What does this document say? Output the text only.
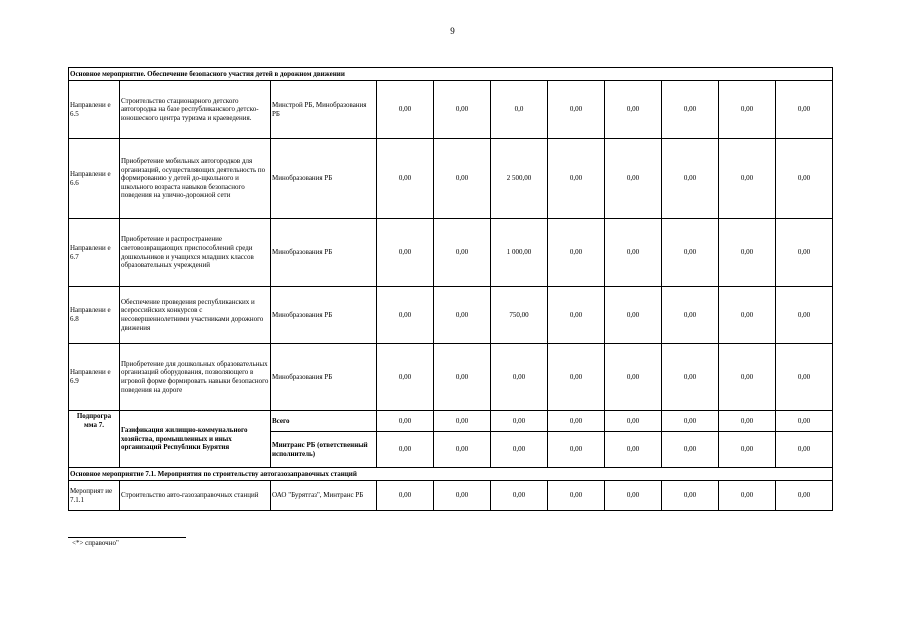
9
Основное мероприятие. Обеспечение безопасного участия детей в дорожном движении										
Направлени е 6.5	Строительство стационарного детского автогородка на базе республиканского детско-юношеского центра туризма и краеведения.	Минстрой РБ, Минобразования РБ	0,00	0,00	0,0	0,00	0,00	0,00	0,00	0,00
Направлени е 6.6	Приобретение мобильных автогородков для организаций, осуществляющих деятельность по формированию у детей до-щкольного и школьного возраста навыков безопасного поведения на улично-дорожной сети	Минобразования РБ	0,00	0,00	2 500,00	0,00	0,00	0,00	0,00	0,00
Направлени е 6.7	Приобретение и распространение световозвращающих приспособлений среди дошкольников и учащихся младших классов образовательных учреждений	Минобразования РБ	0,00	0,00	1 000,00	0,00	0,00	0,00	0,00	0,00
Направлени е 6.8	Обеспечение проведения республиканских и всероссийских конкурсов с несовершеннолетними участниками дорожного движения	Минобразования РБ	0,00	0,00	750,00	0,00	0,00	0,00	0,00	0,00
Направлени е 6.9	Приобретение для дошкольных образовательных организаций оборудования, позволяющего в игровой форме формировать навыки безопасного поведения на дороге	Минобразования РБ	0,00	0,00	0,00	0,00	0,00	0,00	0,00	0,00
Подпрогра мма 7.	Газификация жилищно-коммунального хозяйства, промышленных и иных организаций Республики Бурятия	Всего	0,00	0,00	0,00	0,00	0,00	0,00	0,00	0,00
		Минтранс РБ (ответственный исполнитель)	0,00	0,00	0,00	0,00	0,00	0,00	0,00	0,00
Основное мероприятие 7.1. Мероприятия по строительству автогазозаправочных станций										
Мероприят ие 7.1.1	Строительство авто-газозаправочных станций	ОАО "Бурятгаз", Минтранс РБ	0,00	0,00	0,00	0,00	0,00	0,00	0,00	0,00
<*> справочно"
